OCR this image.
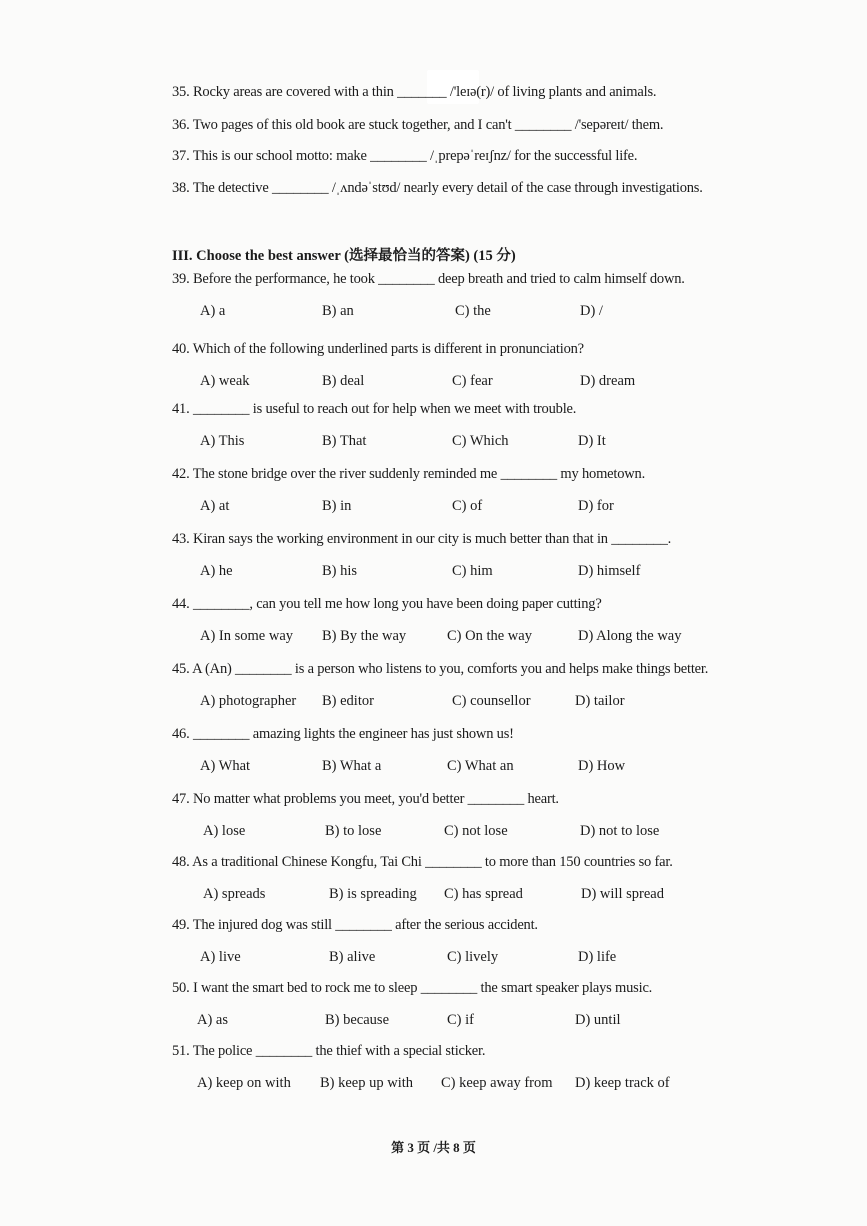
35. Rocky areas are covered with a thin _______ /'leɪə(r)/ of living plants and animals.
36. Two pages of this old book are stuck together, and I can't ________ /'sepəreɪt/ them.
37. This is our school motto: make ________ /ˌprepəˈreɪʃnz/ for the successful life.
38. The detective ________ /ˌʌndəˈstʊd/ nearly every detail of the case through investigations.
III. Choose the best answer (选择最恰当的答案) (15 分)
39. Before the performance, he took ________ deep breath and tried to calm himself down.
A) a	B) an	C) the	D) /
40. Which of the following underlined parts is different in pronunciation?
A) weak	B) deal	C) fear	D) dream
41. ________ is useful to reach out for help when we meet with trouble.
A) This	B) That	C) Which	D) It
42. The stone bridge over the river suddenly reminded me ________ my hometown.
A) at	B) in	C) of	D) for
43. Kiran says the working environment in our city is much better than that in ________.
A) he	B) his	C) him	D) himself
44. ________, can you tell me how long you have been doing paper cutting?
A) In some way B) By the way	C) On the way	D) Along the way
45. A (An) ________ is a person who listens to you, comforts you and helps make things better.
A) photographer B) editor	C) counsellor	D) tailor
46. ________ amazing lights the engineer has just shown us!
A) What	B) What a	C) What an	D) How
47. No matter what problems you meet, you'd better ________ heart.
A) lose	B) to lose	C) not lose	D) not to lose
48. As a traditional Chinese Kongfu, Tai Chi ________ to more than 150 countries so far.
A) spreads	B) is spreading C) has spread	D) will spread
49. The injured dog was still ________ after the serious accident.
A) live	B) alive	C) lively	D) life
50. I want the smart bed to rock me to sleep ________ the smart speaker plays music.
A) as	B) because	C) if	D) until
51. The police ________ the thief with a special sticker.
A) keep on with B) keep up with C) keep away from D) keep track of
第 3 页 /共 8 页
